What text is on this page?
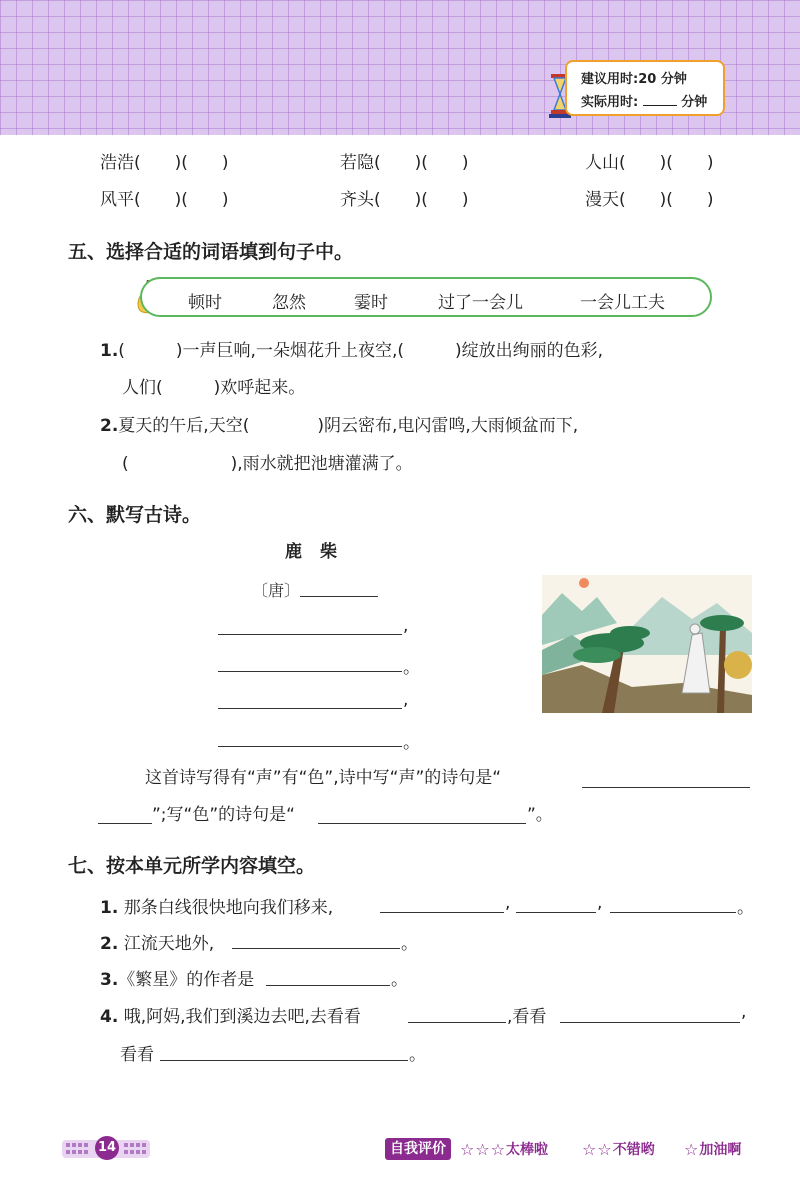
建议用时:20 分钟
实际用时:	分钟
浩浩(　　)(　　)	若隐(　　)(　　)	人山(　　)(　　)
风平(　　)(　　)	齐头(　　)(　　)	漫天(　　)(　　)
五、选择合适的词语填到句子中。
顿时	忽然	霎时	过了一会儿	一会儿工夫
1.(　　　)一声巨响,一朵烟花升上夜空,(　　　)绽放出绚丽的色彩,
人们(　　　)欢呼起来。
2.夏天的午后,天空(　　　　)阴云密布,电闪雷鸣,大雨倾盆而下,
(　　　　　　),雨水就把池塘灌满了。
六、默写古诗。
鹿柴
〔唐〕
,
。
,
。
这首诗写得有“声”有“色”,诗中写“声”的诗句是“
”;写“色”的诗句是“	”。
七、按本单元所学内容填空。
1. 那条白线很快地向我们移来,	,	,	。
2. 江流天地外,	。
3.《繁星》的作者是	。
4. 哦,阿妈,我们到溪边去吧,去看看	,看看	,
看看	。
14	自我评价 ☆ ☆ ☆ 太棒啦 ☆ ☆ 不错哟 ☆ 加油啊
